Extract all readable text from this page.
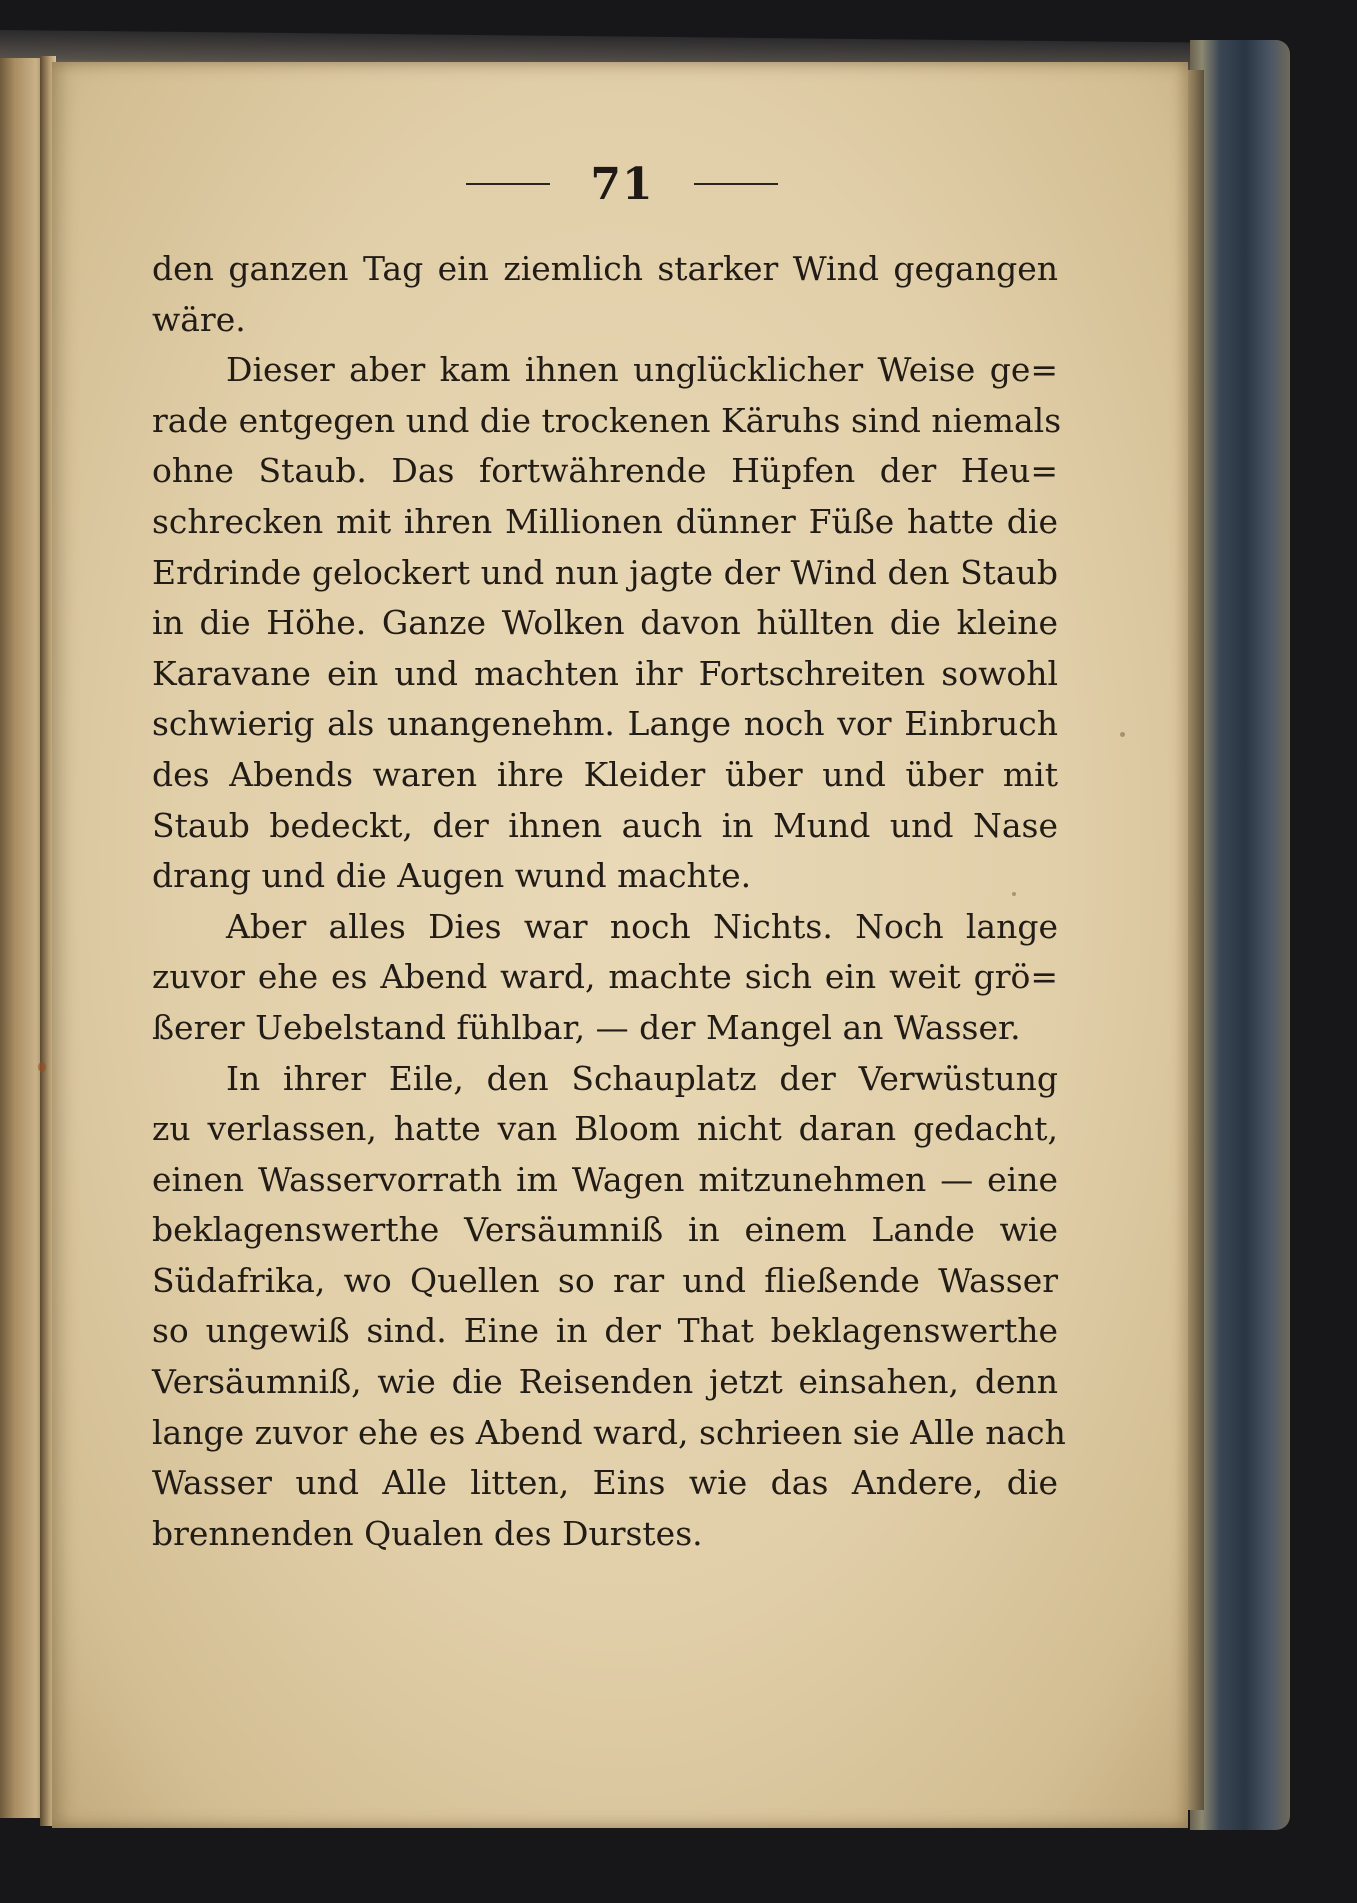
71
den ganzen Tag ein ziemlich starker Wind gegangen
wäre.
Dieser aber kam ihnen unglücklicher Weise ge=
rade entgegen und die trockenen Käruhs sind niemals
ohne Staub. Das fortwährende Hüpfen der Heu=
schrecken mit ihren Millionen dünner Füße hatte die
Erdrinde gelockert und nun jagte der Wind den Staub
in die Höhe. Ganze Wolken davon hüllten die kleine
Karavane ein und machten ihr Fortschreiten sowohl
schwierig als unangenehm. Lange noch vor Einbruch
des Abends waren ihre Kleider über und über mit
Staub bedeckt, der ihnen auch in Mund und Nase
drang und die Augen wund machte.
Aber alles Dies war noch Nichts. Noch lange
zuvor ehe es Abend ward, machte sich ein weit grö=
ßerer Uebelstand fühlbar, — der Mangel an Wasser.
In ihrer Eile, den Schauplatz der Verwüstung
zu verlassen, hatte van Bloom nicht daran gedacht,
einen Wasservorrath im Wagen mitzunehmen — eine
beklagenswerthe Versäumniß in einem Lande wie
Südafrika, wo Quellen so rar und fließende Wasser
so ungewiß sind. Eine in der That beklagenswerthe
Versäumniß, wie die Reisenden jetzt einsahen, denn
lange zuvor ehe es Abend ward, schrieen sie Alle nach
Wasser und Alle litten, Eins wie das Andere, die
brennenden Qualen des Durstes.
